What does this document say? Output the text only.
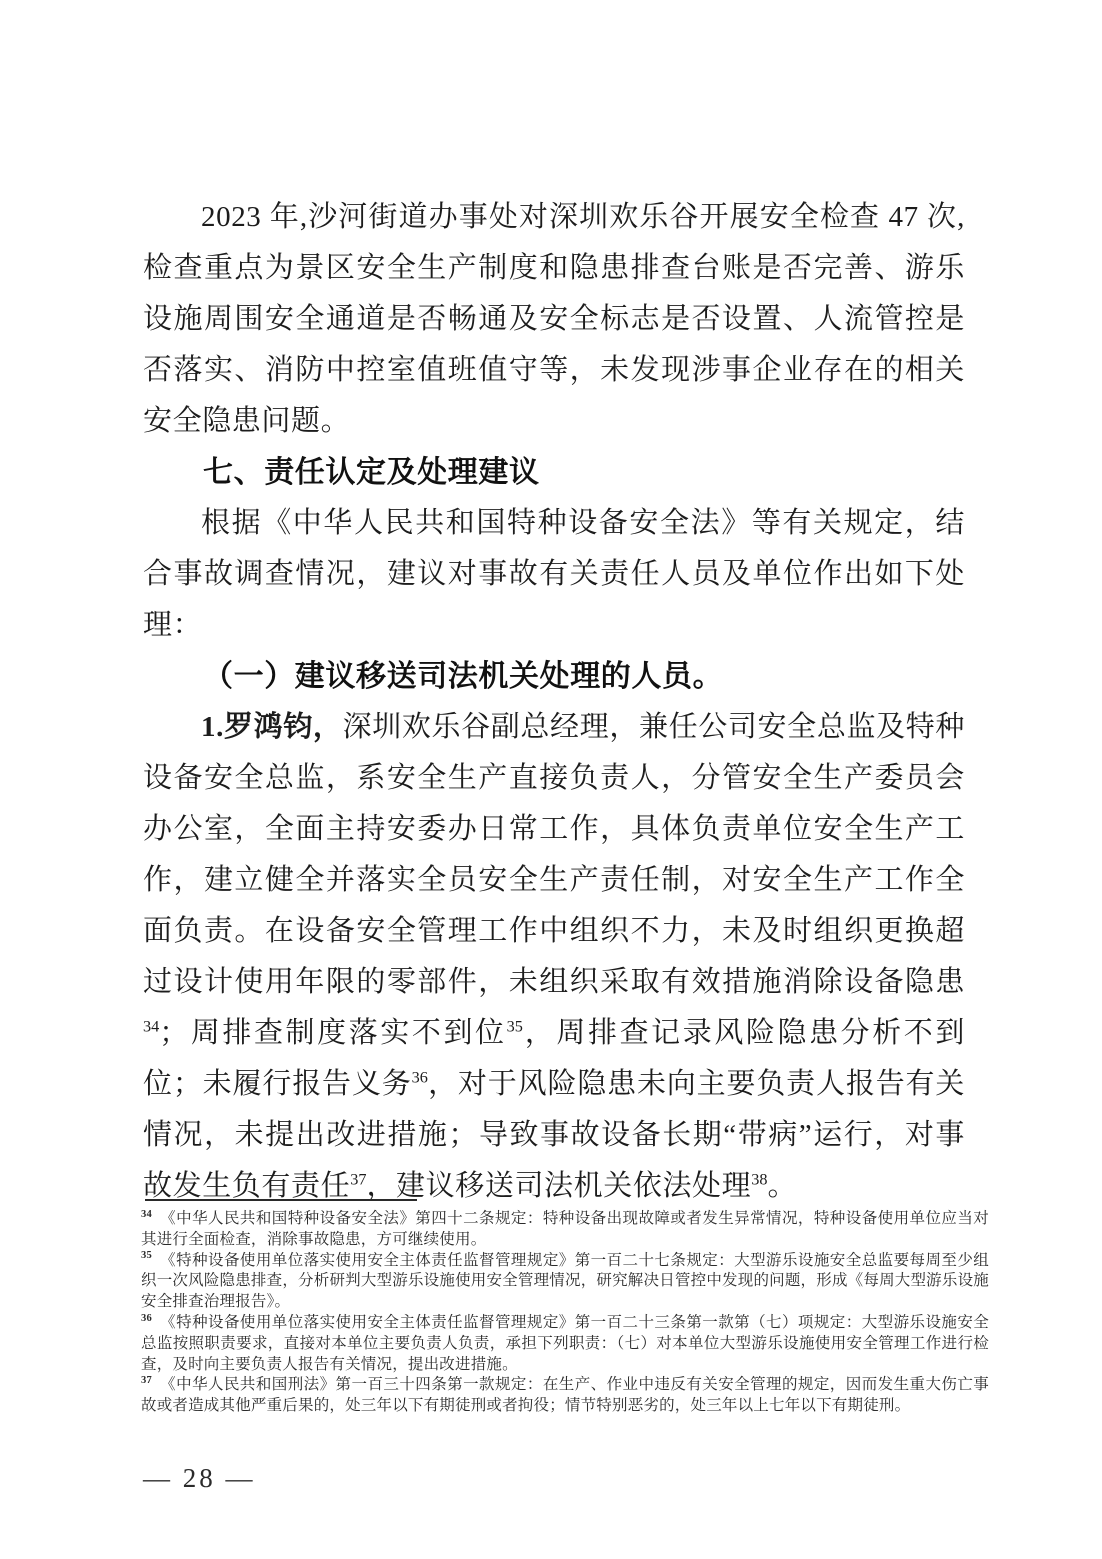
2023 年,沙河街道办事处对深圳欢乐谷开展安全检查 47 次,检查重点为景区安全生产制度和隐患排查台账是否完善、游乐设施周围安全通道是否畅通及安全标志是否设置、人流管控是否落实、消防中控室值班值守等，未发现涉事企业存在的相关安全隐患问题。

七、责任认定及处理建议

根据《中华人民共和国特种设备安全法》等有关规定，结合事故调查情况，建议对事故有关责任人员及单位作出如下处理：

（一）建议移送司法机关处理的人员。

1.罗鸿钧，深圳欢乐谷副总经理，兼任公司安全总监及特种设备安全总监，系安全生产直接负责人，分管安全生产委员会办公室，全面主持安委办日常工作，具体负责单位安全生产工作，建立健全并落实全员安全生产责任制，对安全生产工作全面负责。在设备安全管理工作中组织不力，未及时组织更换超过设计使用年限的零部件，未组织采取有效措施消除设备隐患$^{34}$；周排查制度落实不到位$^{35}$，周排查记录风险隐患分析不到位；未履行报告义务$^{36}$，对于风险隐患未向主要负责人报告有关情况，未提出改进措施；导致事故设备长期“带病”运行，对事故发生负有责任$^{37}$，建议移送司法机关依法处理$^{38}$。

$^{34}$ 《中华人民共和国特种设备安全法》第四十二条规定：特种设备出现故障或者发生异常情况，特种设备使用单位应当对其进行全面检查，消除事故隐患，方可继续使用。

$^{35}$ 《特种设备使用单位落实使用安全主体责任监督管理规定》第一百二十七条规定：大型游乐设施安全总监要每周至少组织一次风险隐患排查，分析研判大型游乐设施使用安全管理情况，研究解决日管控中发现的问题，形成《每周大型游乐设施安全排查治理报告》。

$^{36}$ 《特种设备使用单位落实使用安全主体责任监督管理规定》第一百二十三条第一款第（七）项规定：大型游乐设施安全总监按照职责要求，直接对本单位主要负责人负责，承担下列职责：（七）对本单位大型游乐设施使用安全管理工作进行检查，及时向主要负责人报告有关情况，提出改进措施。

$^{37}$ 《中华人民共和国刑法》第一百三十四条第一款规定：在生产、作业中违反有关安全管理的规定，因而发生重大伤亡事故或者造成其他严重后果的，处三年以下有期徒刑或者拘役；情节特别恶劣的，处三年以上七年以下有期徒刑。

— 28 —
